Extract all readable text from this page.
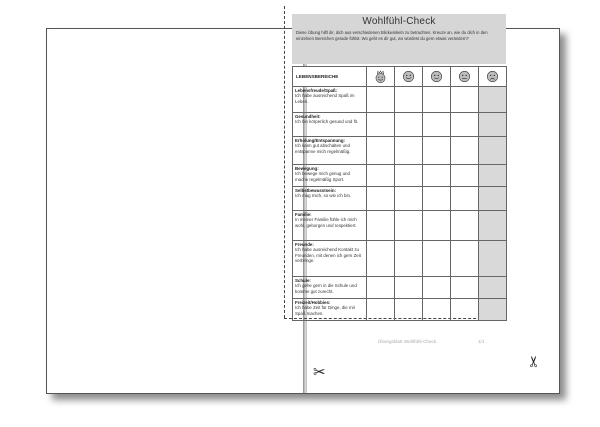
Wohlfühl-Check
Diese Übung hilft dir, dich aus verschiedenen Blickwinkeln zu betrachten. Kreuze an, wie du dich in den einzelnen Bereichen gerade fühlst. Wo geht es dir gut, wo würdest du gern etwas verändern?
LEBENSBEREICHE	

Lebensfreude/Spaß:
Ich habe ausreichend Spaß im Leben.					

Gesundheit:
Ich bin körperlich gesund und fit.					

Erholung/Entspannung:
Ich kann gut abschalten und entspanne mich regelmäßig.					

Bewegung:
Ich bewege mich genug und mache regelmäßig Sport.					

Selbstbewusstsein:
Ich mag mich, so wie ich bin.					

Familie:
In meiner Familie fühle ich mich wohl, geborgen und respektiert.					

Freunde:
Ich habe ausreichend Kontakt zu Freunden, mit denen ich gern Zeit verbringe.					

Schule:
Ich gehe gern in die Schule und komme gut zurecht.					

Freizeit/Hobbies:
Ich habe Zeit für Dinge, die mir Spaß machen.					
✂
✂
Übungsblatt Wohlfühl-Check	1/1
